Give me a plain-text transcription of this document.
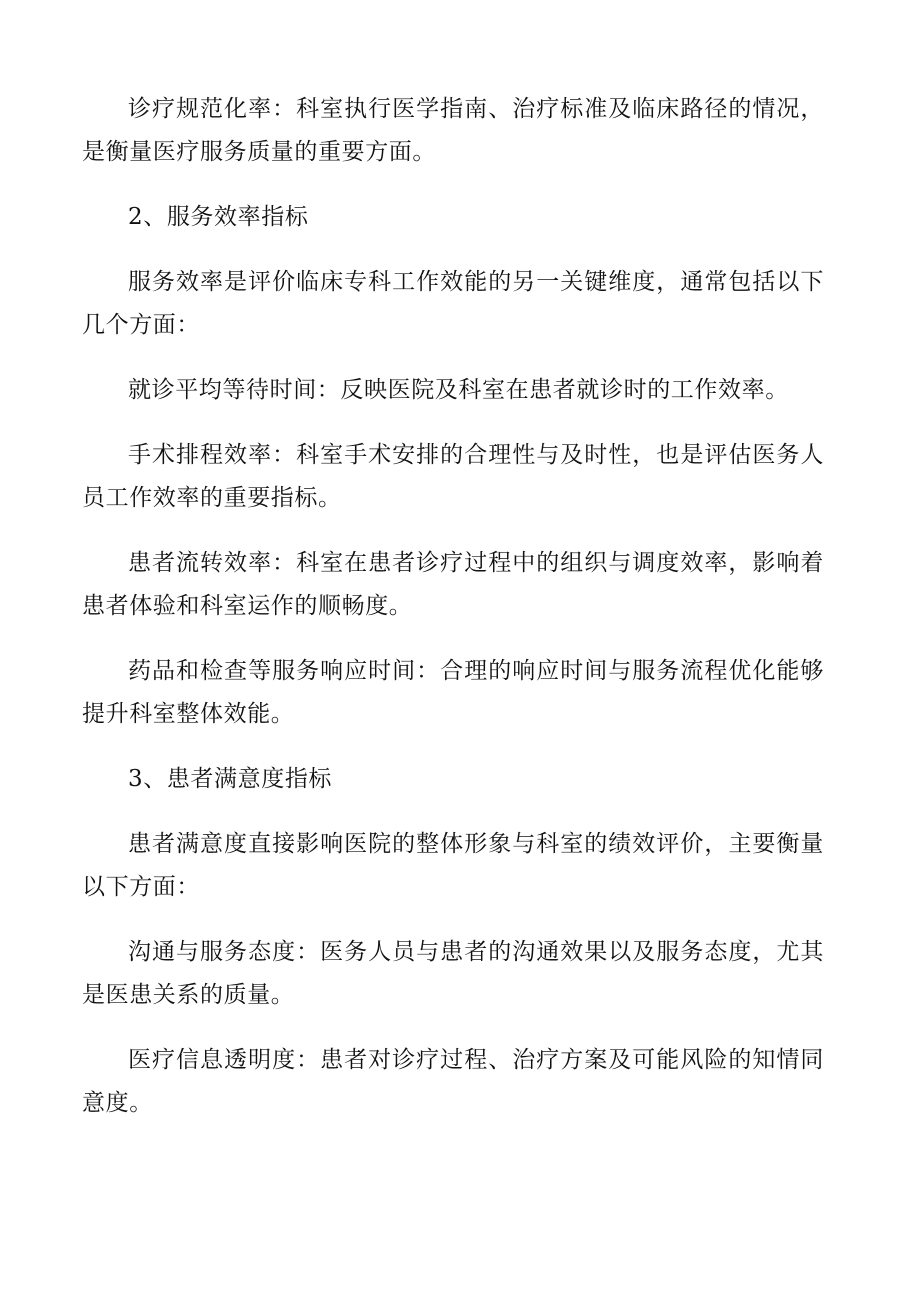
诊疗规范化率：科室执行医学指南、治疗标准及临床路径的情况，是衡量医疗服务质量的重要方面。

2、服务效率指标

服务效率是评价临床专科工作效能的另一关键维度，通常包括以下几个方面：

就诊平均等待时间：反映医院及科室在患者就诊时的工作效率。

手术排程效率：科室手术安排的合理性与及时性，也是评估医务人员工作效率的重要指标。

患者流转效率：科室在患者诊疗过程中的组织与调度效率，影响着患者体验和科室运作的顺畅度。

药品和检查等服务响应时间：合理的响应时间与服务流程优化能够提升科室整体效能。

3、患者满意度指标

患者满意度直接影响医院的整体形象与科室的绩效评价，主要衡量以下方面：

沟通与服务态度：医务人员与患者的沟通效果以及服务态度，尤其是医患关系的质量。

医疗信息透明度：患者对诊疗过程、治疗方案及可能风险的知情同意度。
